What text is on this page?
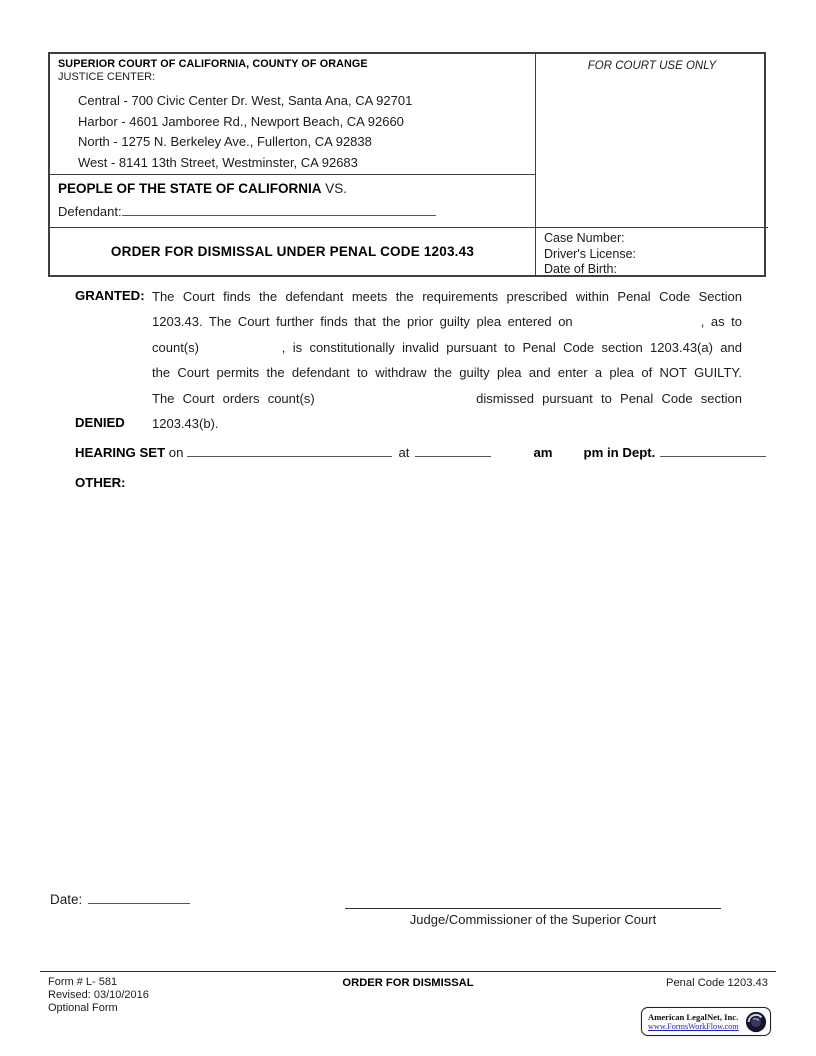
SUPERIOR COURT OF CALIFORNIA, COUNTY OF ORANGE
JUSTICE CENTER:
Central - 700 Civic Center Dr. West, Santa Ana, CA 92701
Harbor - 4601 Jamboree Rd., Newport Beach, CA 92660
North - 1275 N. Berkeley Ave., Fullerton, CA 92838
West - 8141 13th Street, Westminster, CA 92683
PEOPLE OF THE STATE OF CALIFORNIA VS.
Defendant:
ORDER FOR DISMISSAL UNDER PENAL CODE 1203.43
FOR COURT USE ONLY
Case Number:
Driver's License:
Date of Birth:
GRANTED:
DENIED
The Court finds the defendant meets the requirements prescribed within Penal Code Section
1203.43. The Court further finds that the prior guilty plea entered on	, as to
count(s)	, is constitutionally invalid pursuant to Penal Code section 1203.43(a) and
the Court permits the defendant to withdraw the guilty plea and enter a plea of NOT GUILTY.
The Court orders count(s)	dismissed pursuant to Penal Code section
1203.43(b).
HEARING SET on	at	am pm in Dept.
OTHER:
Date:
Judge/Commissioner of the Superior Court
Form # L- 581
Revised: 03/10/2016
Optional Form
ORDER FOR DISMISSAL	Penal Code 1203.43
American LegalNet, Inc.
www.FormsWorkFlow.com
